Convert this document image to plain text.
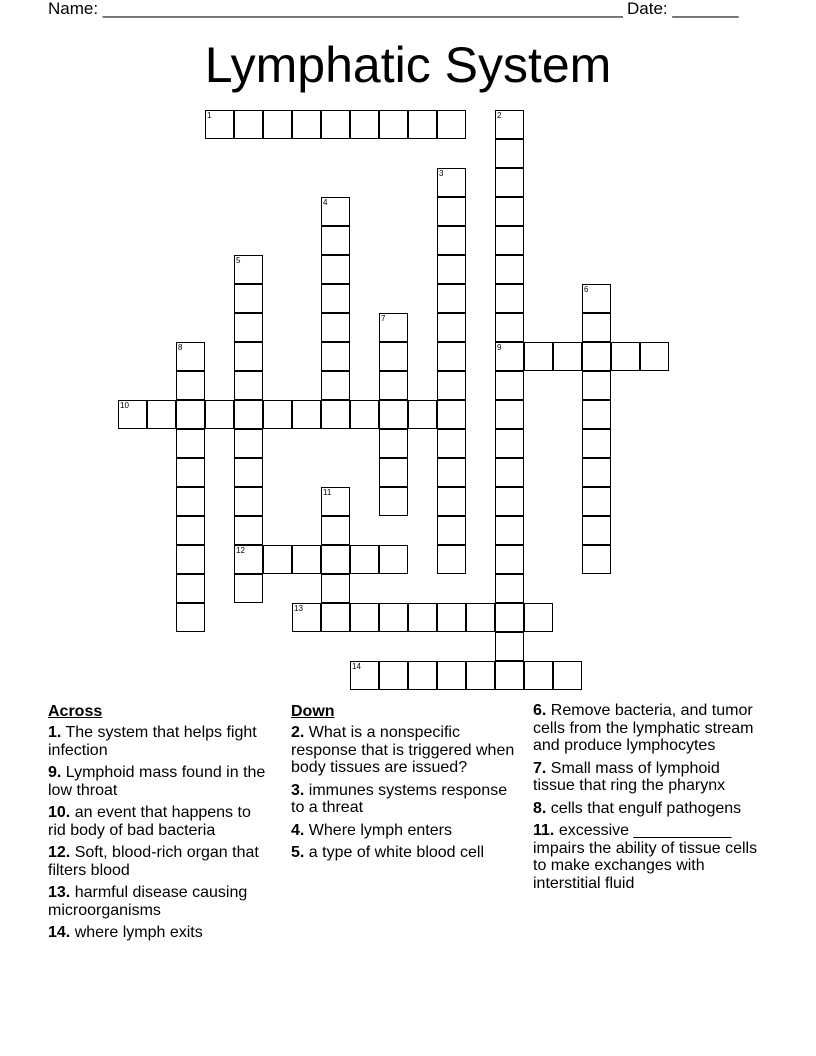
Name: _______________________________________________________ Date: _______
Lymphatic System
1	2
9
3
4
5
12
6
7
8
10
11
13
14
Across
1. The system that helps fight infection
9. Lymphoid mass found in the low throat
10. an event that happens to rid body of bad bacteria
12. Soft, blood-rich organ that filters blood
13. harmful disease causing microorganisms
14. where lymph exits
Down
2. What is a nonspecific response that is triggered when body tissues are issued?
3. immunes systems response to a threat
4. Where lymph enters
5. a type of white blood cell
6. Remove bacteria, and tumor cells from the lymphatic stream and produce lymphocytes
7. Small mass of lymphoid tissue that ring the pharynx
8. cells that engulf pathogens
11. excessive ___________ impairs the ability of tissue cells to make exchanges with interstitial fluid
